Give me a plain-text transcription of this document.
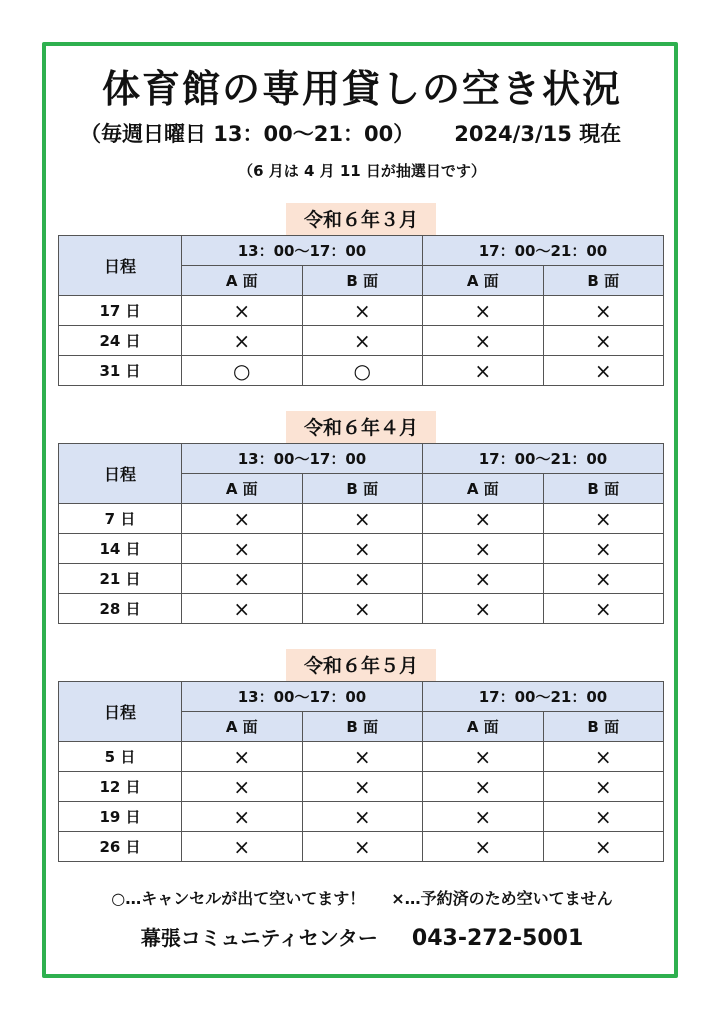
体育館の専用貸しの空き状況
（毎週日曜日 13：00〜21：00） 2024/3/15 現在
（6 月は 4 月 11 日が抽選日です）
令和６年３月
日程	13：00〜17：00		17：00〜21：00	
	A 面	B 面	A 面	B 面
17 日	×	×	×	×
24 日	×	×	×	×
31 日	○	○	×	×
令和６年４月
日程	13：00〜17：00		17：00〜21：00	
	A 面	B 面	A 面	B 面
7 日	×	×	×	×
14 日	×	×	×	×
21 日	×	×	×	×
28 日	×	×	×	×
令和６年５月
日程	13：00〜17：00		17：00〜21：00	
	A 面	B 面	A 面	B 面
5 日	×	×	×	×
12 日	×	×	×	×
19 日	×	×	×	×
26 日	×	×	×	×
○…キャンセルが出て空いてます！ ×…予約済のため空いてません
幕張コミュニティセンター 043-272-5001
